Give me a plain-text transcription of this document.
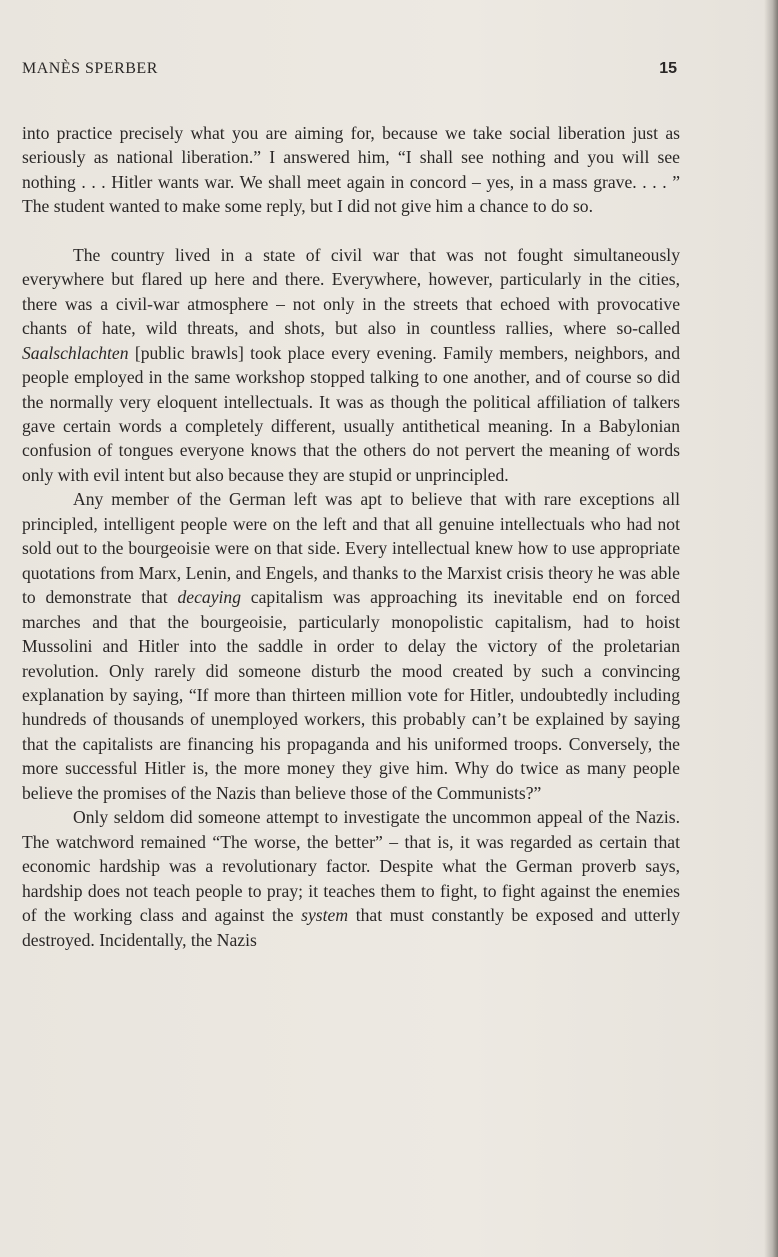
MANÈS SPERBER	15

into practice precisely what you are aiming for, because we take social liberation just as seriously as national liberation.” I answered him, “I shall see nothing and you will see nothing . . . Hitler wants war. We shall meet again in concord – yes, in a mass grave. . . . ” The student wanted to make some reply, but I did not give him a chance to do so.

The country lived in a state of civil war that was not fought simultaneously everywhere but flared up here and there. Everywhere, however, particularly in the cities, there was a civil-war atmosphere – not only in the streets that echoed with provocative chants of hate, wild threats, and shots, but also in countless rallies, where so-called Saalschlachten [public brawls] took place every evening. Family members, neighbors, and people employed in the same workshop stopped talking to one another, and of course so did the normally very eloquent intellectuals. It was as though the political affiliation of talkers gave certain words a completely different, usually antithetical meaning. In a Babylonian confusion of tongues everyone knows that the others do not pervert the meaning of words only with evil intent but also because they are stupid or unprincipled.

Any member of the German left was apt to believe that with rare exceptions all principled, intelligent people were on the left and that all genuine intellectuals who had not sold out to the bourgeoisie were on that side. Every intellectual knew how to use appropriate quotations from Marx, Lenin, and Engels, and thanks to the Marxist crisis theory he was able to demonstrate that decaying capitalism was approaching its inevitable end on forced marches and that the bourgeoisie, particularly monopolistic capitalism, had to hoist Mussolini and Hitler into the saddle in order to delay the victory of the proletarian revolution. Only rarely did someone disturb the mood created by such a convincing explanation by saying, “If more than thirteen million vote for Hitler, undoubtedly including hundreds of thousands of unemployed workers, this probably can’t be explained by saying that the capitalists are financing his propaganda and his uniformed troops. Conversely, the more successful Hitler is, the more money they give him. Why do twice as many people believe the promises of the Nazis than believe those of the Communists?”

Only seldom did someone attempt to investigate the uncommon appeal of the Nazis. The watchword remained “The worse, the better” – that is, it was regarded as certain that economic hardship was a revolutionary factor. Despite what the German proverb says, hardship does not teach people to pray; it teaches them to fight, to fight against the enemies of the working class and against the system that must constantly be exposed and utterly destroyed. Incidentally, the Nazis
